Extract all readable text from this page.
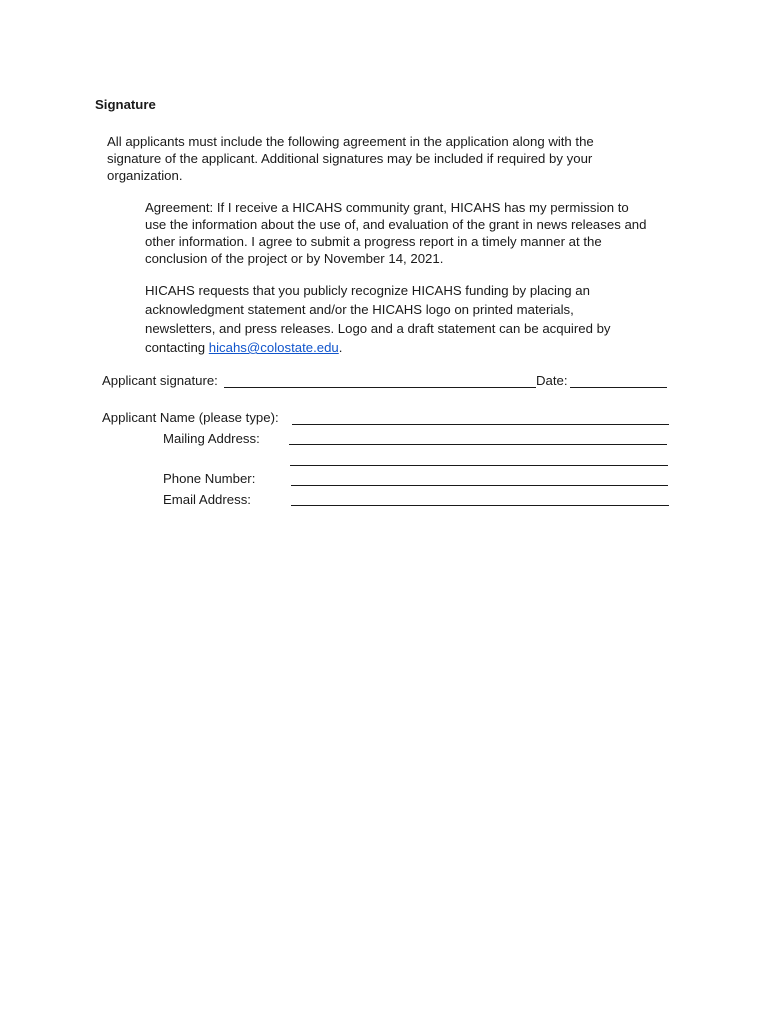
Signature
All applicants must include the following agreement in the application along with the
signature of the applicant. Additional signatures may be included if required by your
organization.
Agreement: If I receive a HICAHS community grant, HICAHS has my permission to
use the information about the use of, and evaluation of the grant in news releases and
other information. I agree to submit a progress report in a timely manner at the
conclusion of the project or by November 14, 2021.
HICAHS requests that you publicly recognize HICAHS funding by placing an
acknowledgment statement and/or the HICAHS logo on printed materials,
newsletters, and press releases. Logo and a draft statement can be acquired by
contacting hicahs@colostate.edu.
Applicant signature:	Date:
Applicant Name (please type):
Mailing Address:
Phone Number:
Email Address:
